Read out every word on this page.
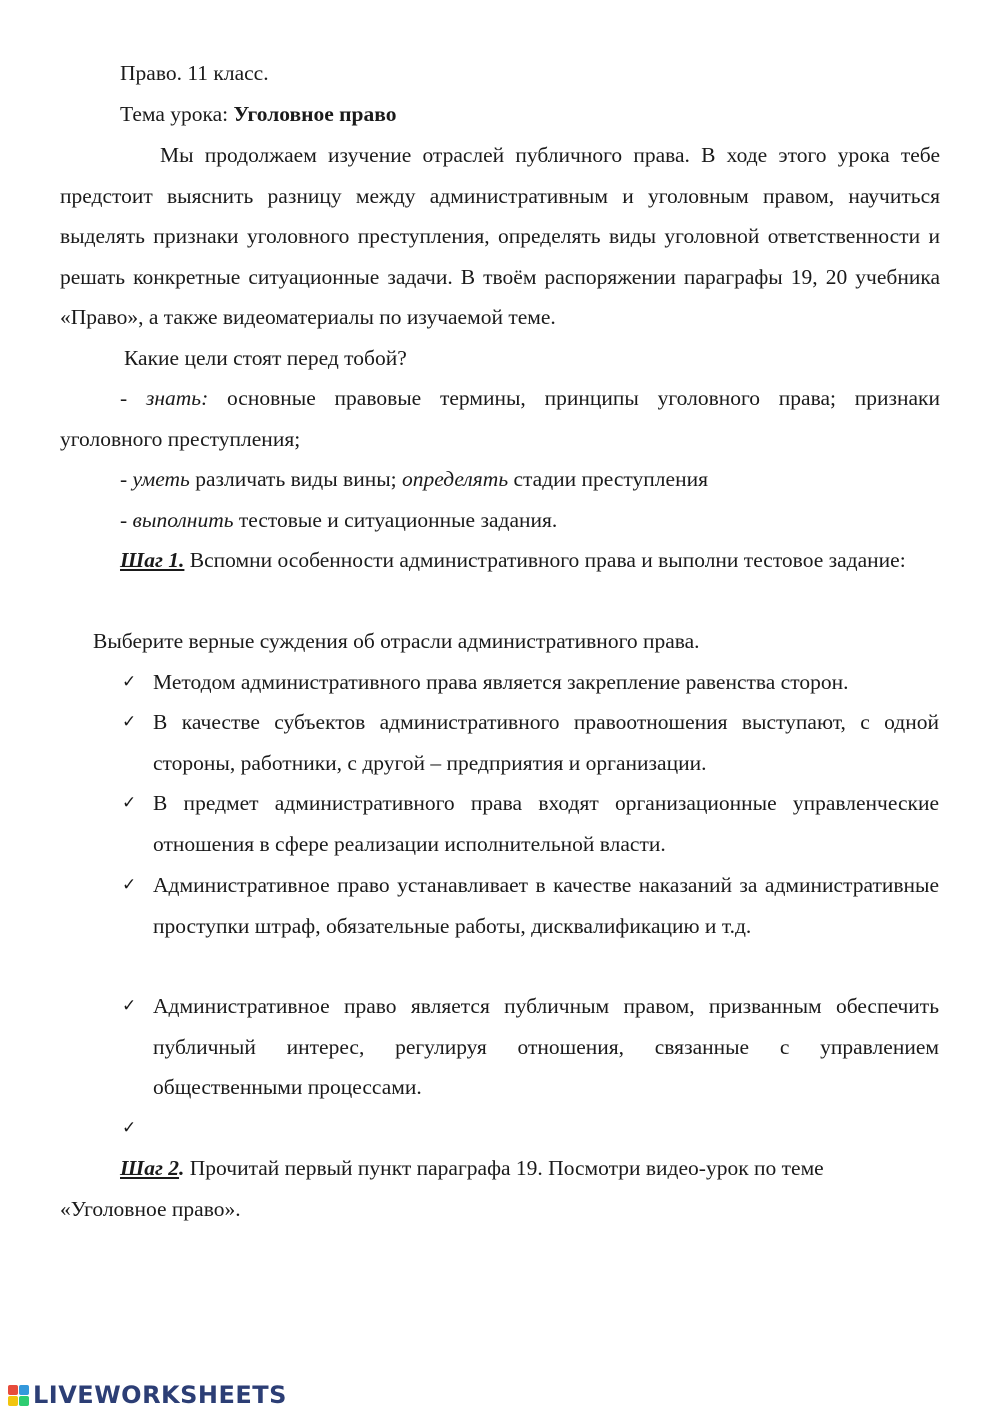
Право. 11 класс.

Тема урока: Уголовное право

Мы продолжаем изучение отраслей публичного права. В ходе этого урока тебе предстоит выяснить разницу между административным и уголовным правом, научиться выделять признаки уголовного преступления, определять виды уголовной ответственности и решать конкретные ситуационные задачи. В твоём распоряжении параграфы 19, 20 учебника «Право», а также видеоматериалы по изучаемой теме.

Какие цели стоят перед тобой?

- знать: основные правовые термины, принципы уголовного права; признаки уголовного преступления;

- уметь различать виды вины; определять стадии преступления

- выполнить тестовые и ситуационные задания.

Шаг 1. Вспомни особенности административного права и выполни тестовое задание:

Выберите верные суждения об отрасли административного права.

✓ Методом административного права является закрепление равенства сторон.

✓ В качестве субъектов административного правоотношения выступают, с одной стороны, работники, с другой – предприятия и организации.

✓ В предмет административного права входят организационные управленческие отношения в сфере реализации исполнительной власти.

✓ Административное право устанавливает в качестве наказаний за административные проступки штраф, обязательные работы, дисквалификацию и т.д.

✓ Административное право является публичным правом, призванным обеспечить публичный интерес, регулируя отношения, связанные с управлением общественными процессами.

✓

Шаг 2. Прочитай первый пункт параграфа 19. Посмотри видео-урок по теме «Уголовное право».

LIVEWORKSHEETS
